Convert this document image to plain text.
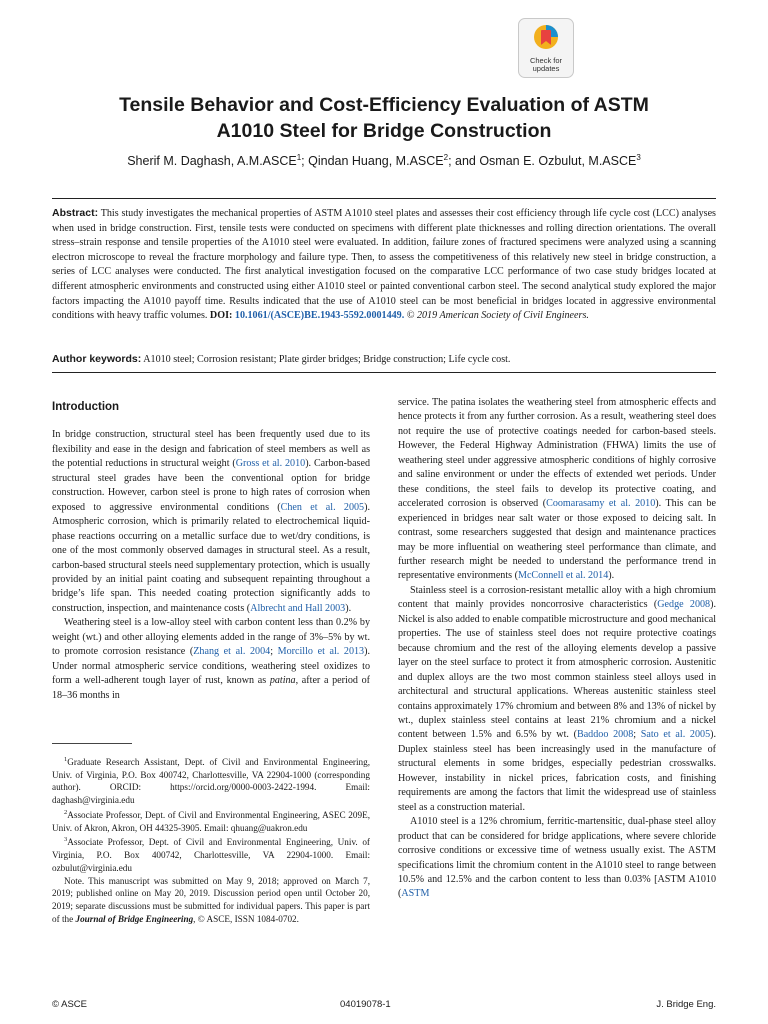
Check for
updates
Tensile Behavior and Cost-Efficiency Evaluation of ASTM
A1010 Steel for Bridge Construction
Sherif M. Daghash, A.M.ASCE$^1$; Qindan Huang, M.ASCE$^2$; and Osman E. Ozbulut, M.ASCE$^3$
Abstract: This study investigates the mechanical properties of ASTM A1010 steel plates and assesses their cost efficiency through life cycle cost (LCC) analyses when used in bridge construction. First, tensile tests were conducted on specimens with different plate thicknesses and rolling direction orientations. The overall stress–strain response and tensile properties of the A1010 steel were evaluated. In addition, failure zones of fractured specimens were analyzed using a scanning electron microscope to reveal the fracture morphology and failure type. Then, to assess the competitiveness of this relatively new steel in bridge construction, a series of LCC analyses were conducted. The first analytical investigation focused on the comparative LCC performance of two case study bridges located at different atmospheric environments and constructed using either A1010 steel or painted conventional carbon steel. The second analytical study explored the major factors impacting the A1010 payoff time. Results indicated that the use of A1010 steel can be most beneficial in bridges located in aggressive environmental conditions with heavy traffic volumes. DOI: 10.1061/(ASCE)BE.1943-5592.0001449. © 2019 American Society of Civil Engineers.
Author keywords: A1010 steel; Corrosion resistant; Plate girder bridges; Bridge construction; Life cycle cost.
Introduction

In bridge construction, structural steel has been frequently used due to its flexibility and ease in the design and fabrication of steel members as well as the potential reductions in structural weight (Gross et al. 2010). Carbon-based structural steel grades have been the conventional option for bridge construction. However, carbon steel is prone to high rates of corrosion when exposed to aggressive environmental conditions (Chen et al. 2005). Atmospheric corrosion, which is primarily related to electrochemical liquid-phase reactions occurring on a metallic surface due to wet/dry conditions, is one of the most commonly observed damages in structural steel. As a result, carbon-based structural steels need supplementary protection, which is usually provided by an initial paint coating and subsequent repainting throughout a bridge’s life span. This needed coating protection significantly adds to construction, inspection, and maintenance costs (Albrecht and Hall 2003).

Weathering steel is a low-alloy steel with carbon content less than 0.2% by weight (wt.) and other alloying elements added in the range of 3%–5% by wt. to promote corrosion resistance (Zhang et al. 2004; Morcillo et al. 2013). Under normal atmospheric service conditions, weathering steel oxidizes to form a well-adherent tough layer of rust, known as patina, after a period of 18–36 months in

$^1$Graduate Research Assistant, Dept. of Civil and Environmental Engineering, Univ. of Virginia, P.O. Box 400742, Charlottesville, VA 22904-1000 (corresponding author). ORCID: https://orcid.org/0000-0003-2422-1994. Email: daghash@virginia.edu

$^2$Associate Professor, Dept. of Civil and Environmental Engineering, ASEC 209E, Univ. of Akron, Akron, OH 44325-3905. Email: qhuang@uakron.edu

$^3$Associate Professor, Dept. of Civil and Environmental Engineering, Univ. of Virginia, P.O. Box 400742, Charlottesville, VA 22904-1000. Email: ozbulut@virginia.edu

Note. This manuscript was submitted on May 9, 2018; approved on March 7, 2019; published online on May 20, 2019. Discussion period open until October 20, 2019; separate discussions must be submitted for individual papers. This paper is part of the Journal of Bridge Engineering, © ASCE, ISSN 1084-0702.

service. The patina isolates the weathering steel from atmospheric effects and hence protects it from any further corrosion. As a result, weathering steel does not require the use of protective coatings needed for carbon-based steels. However, the Federal Highway Administration (FHWA) limits the use of weathering steel under aggressive atmospheric conditions of highly corrosive and saline environment or under the effects of extended wet periods. Under these conditions, the steel fails to develop its protective coating, and accelerated corrosion is observed (Coomarasamy et al. 2010). This can be experienced in bridges near salt water or those exposed to deicing salt. In contrast, some researchers suggested that design and maintenance practices may be more influential on weathering steel performance than climate, and further research might be needed to understand the performance trend in representative environments (McConnell et al. 2014).

Stainless steel is a corrosion-resistant metallic alloy with a high chromium content that mainly provides noncorrosive characteristics (Gedge 2008). Nickel is also added to enable compatible microstructure and good mechanical properties. The use of stainless steel does not require protective coatings because chromium and the rest of the alloying elements develop a passive layer on the steel surface to protect it from atmospheric corrosion. Austenitic and duplex alloys are the two most common stainless steel alloys used in architectural and structural applications. Whereas austenitic stainless steel contains approximately 17% chromium and between 8% and 13% of nickel by wt., duplex stainless steel contains at least 21% chromium and a nickel content between 1.5% and 6.5% by wt. (Baddoo 2008; Sato et al. 2005). Duplex stainless steel has been increasingly used in the manufacture of structural elements in some bridges, especially pedestrian crosswalks. However, instability in nickel prices, fabrication costs, and finishing requirements are among the factors that limit the widespread use of stainless steel as a construction material.

A1010 steel is a 12% chromium, ferritic-martensitic, dual-phase steel alloy product that can be considered for bridge applications, where severe chloride corrosive conditions or excessive time of wetness usually exist. The ASTM specifications limit the chromium content in the A1010 steel to range between 10.5% and 12.5% and the carbon content to less than 0.03% [ASTM A1010 (ASTM

© ASCE	04019078-1	J. Bridge Eng.
